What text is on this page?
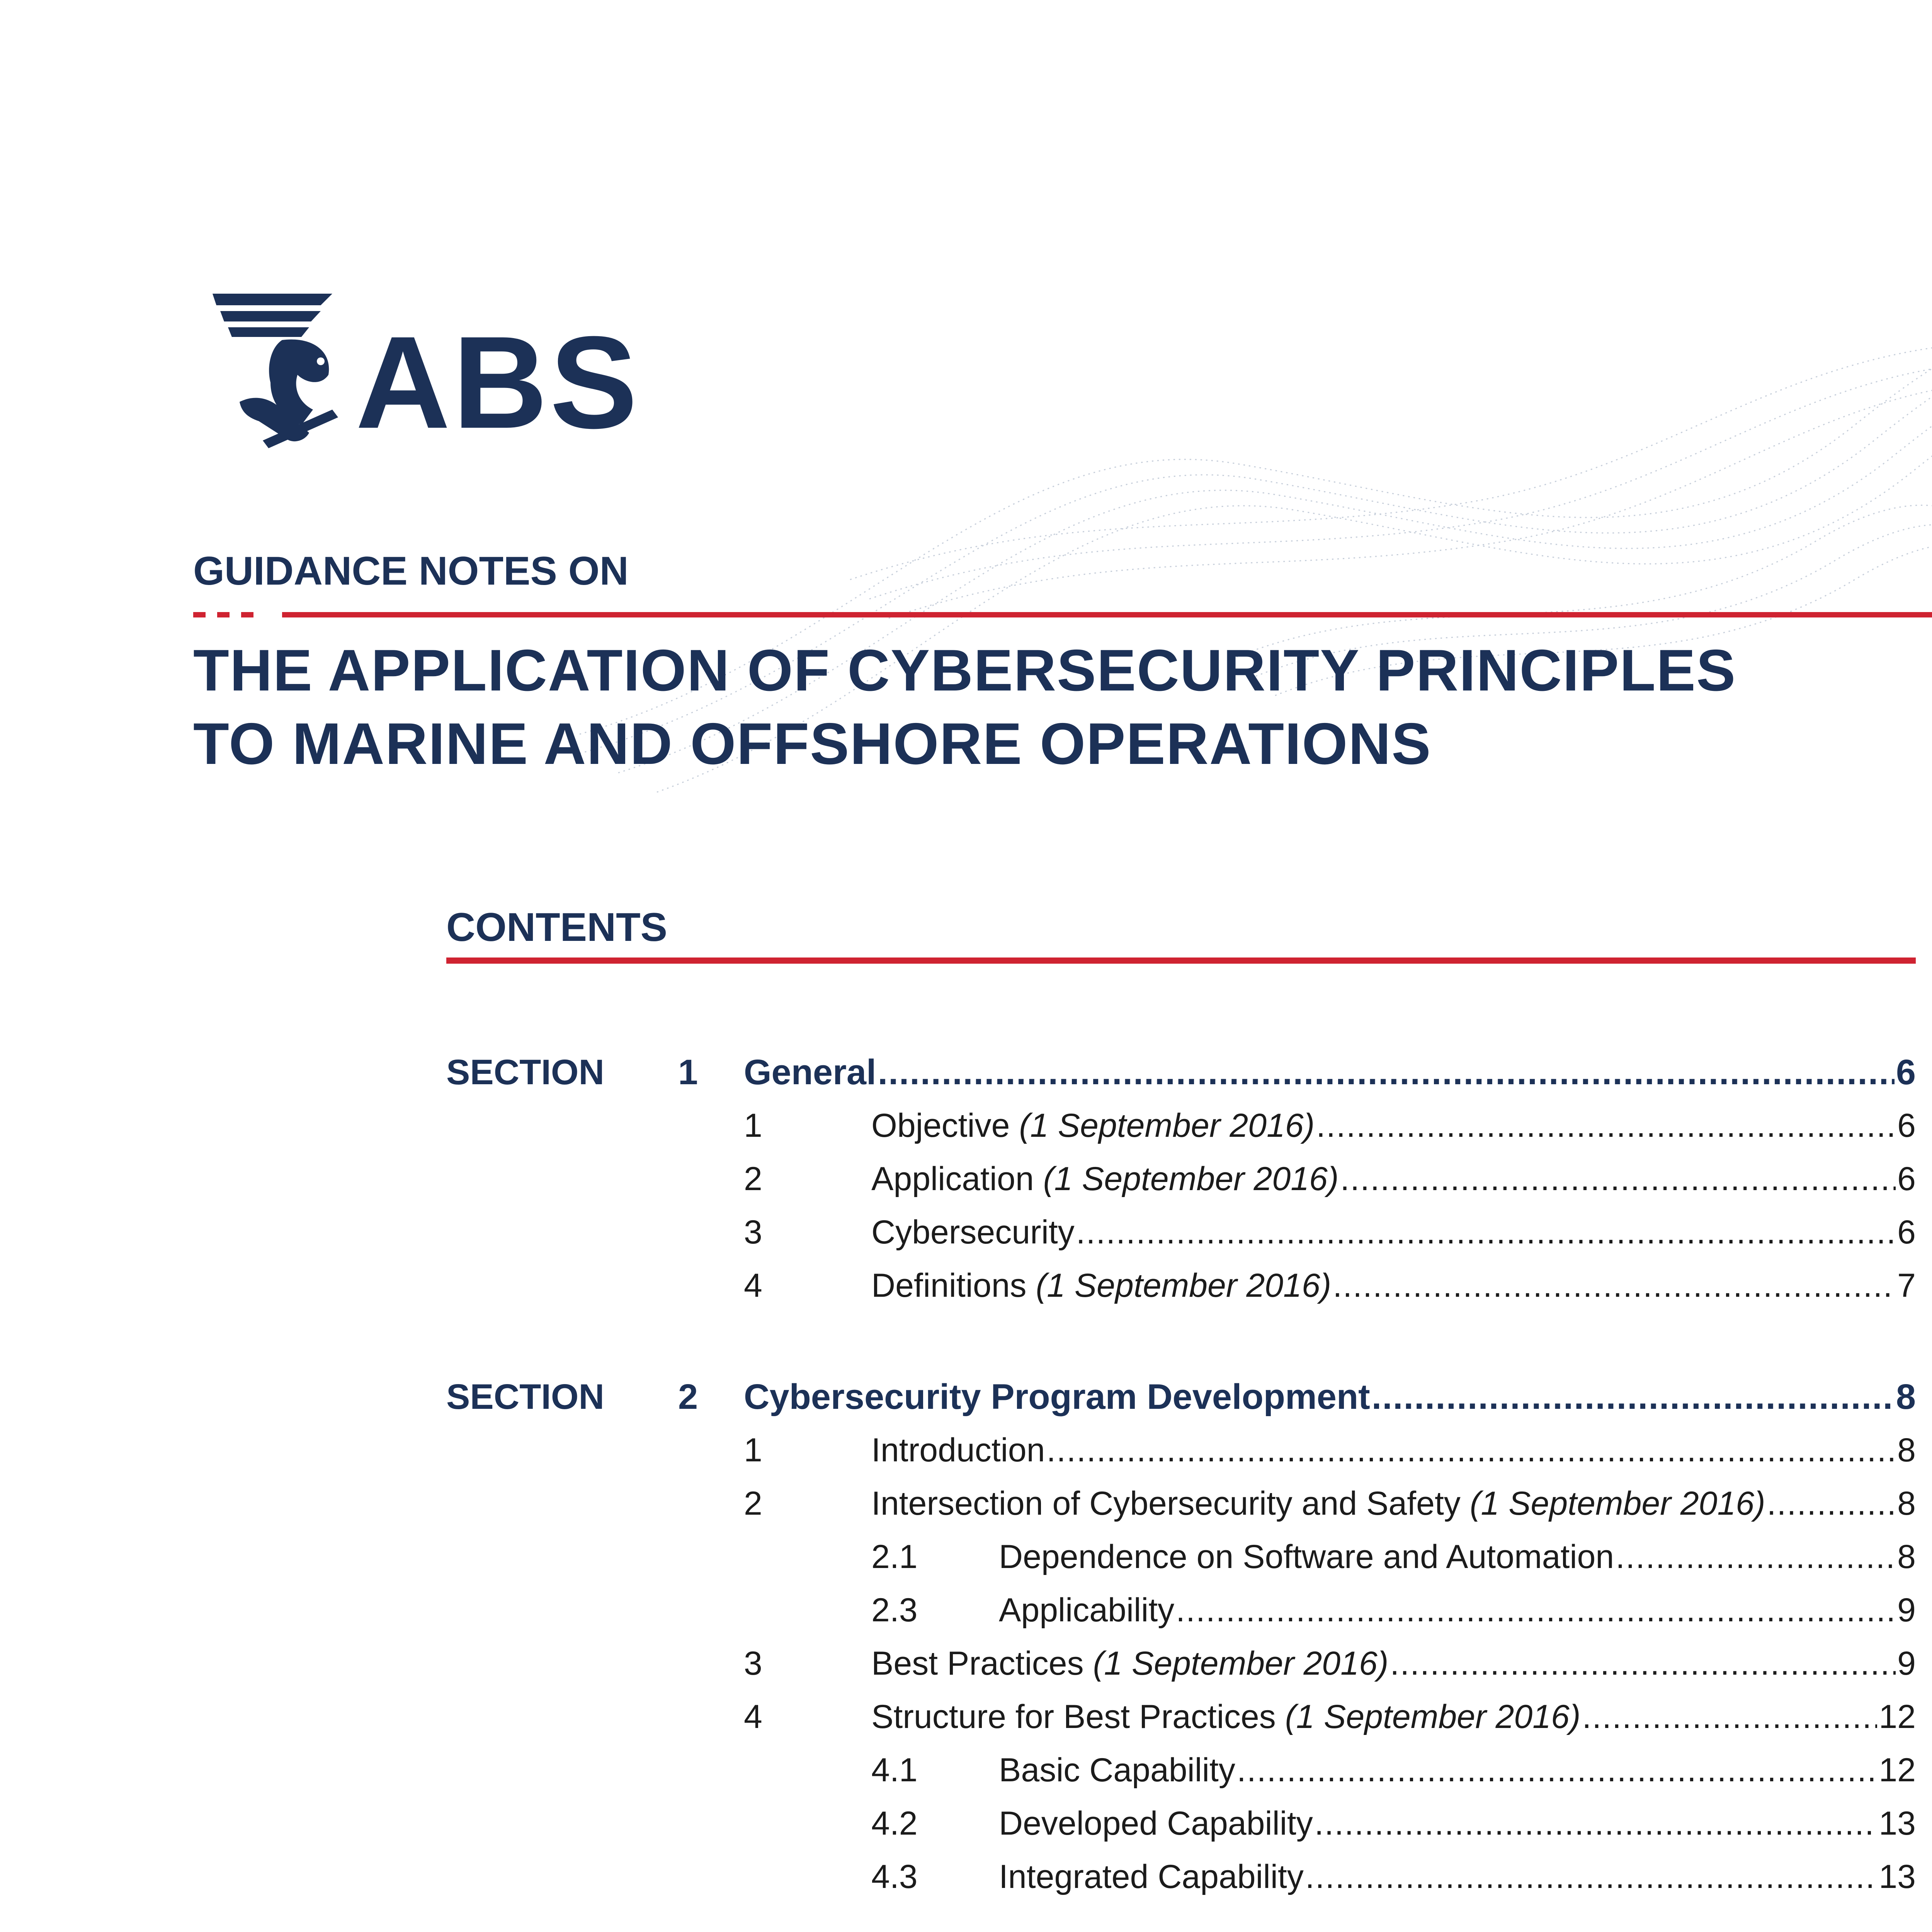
ABS
GUIDANCE NOTES ON
THE APPLICATION OF CYBERSECURITY PRINCIPLES
TO MARINE AND OFFSHORE OPERATIONS
CONTENTS
SECTION 1 General .....	6
1	Objective (1 September 2016) .....	6
2	Application (1 September 2016) .....	6
3	Cybersecurity .....	6
4	Definitions (1 September 2016) .....	7
SECTION 2 Cybersecurity Program Development .....	8
1	Introduction .....	8
2	Intersection of Cybersecurity and Safety (1 September 2016) .....	8
2.1 Dependence on Software and Automation .....	8
2.3 Applicability .....	9
3	Best Practices (1 September 2016) .....	9
4	Structure for Best Practices (1 September 2016) .....	12
4.1 Basic Capability .....	12
4.2 Developed Capability .....	13
4.3 Integrated Capability .....	13
